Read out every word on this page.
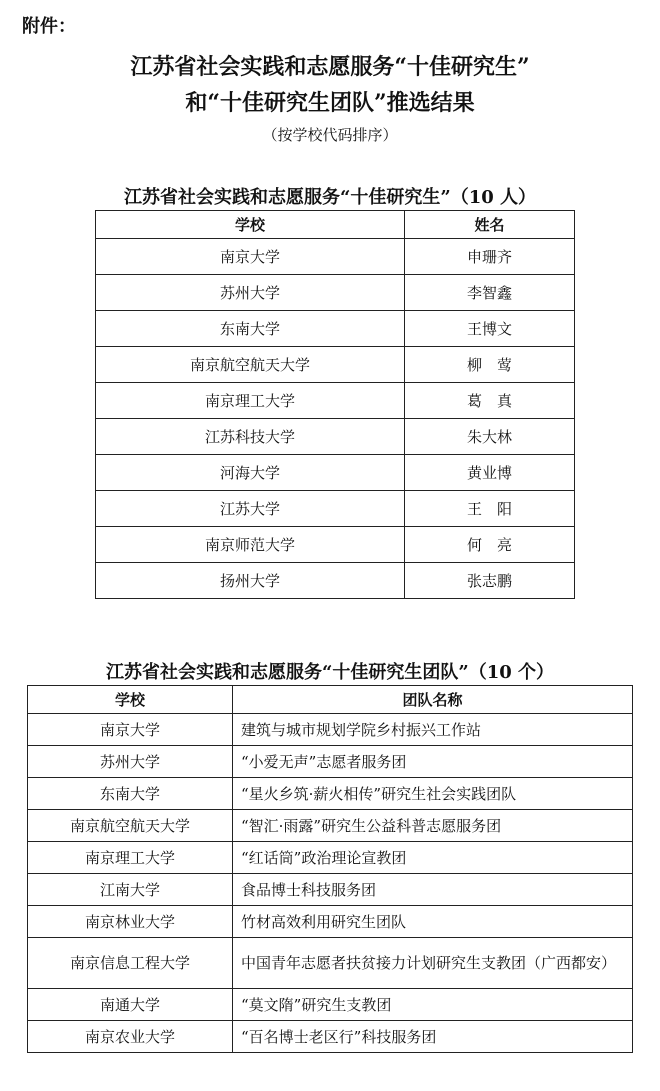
附件：
江苏省社会实践和志愿服务“十佳研究生”
和“十佳研究生团队”推选结果
（按学校代码排序）
江苏省社会实践和志愿服务“十佳研究生”（10 人）
学校	姓名
南京大学	申珊齐
苏州大学	李智鑫
东南大学	王博文
南京航空航天大学	柳　莺
南京理工大学	葛　真
江苏科技大学	朱大林
河海大学	黄业博
江苏大学	王　阳
南京师范大学	何　亮
扬州大学	张志鹏
江苏省社会实践和志愿服务“十佳研究生团队”（10 个）
学校	团队名称
南京大学	建筑与城市规划学院乡村振兴工作站
苏州大学	“小爱无声”志愿者服务团
东南大学	“星火乡筑·薪火相传”研究生社会实践团队
南京航空航天大学	“智汇·雨露”研究生公益科普志愿服务团
南京理工大学	“红话筒”政治理论宣教团
江南大学	食品博士科技服务团
南京林业大学	竹材高效利用研究生团队
南京信息工程大学	中国青年志愿者扶贫接力计划研究生支教团（广西都安）
南通大学	“莫文隋”研究生支教团
南京农业大学	“百名博士老区行”科技服务团
